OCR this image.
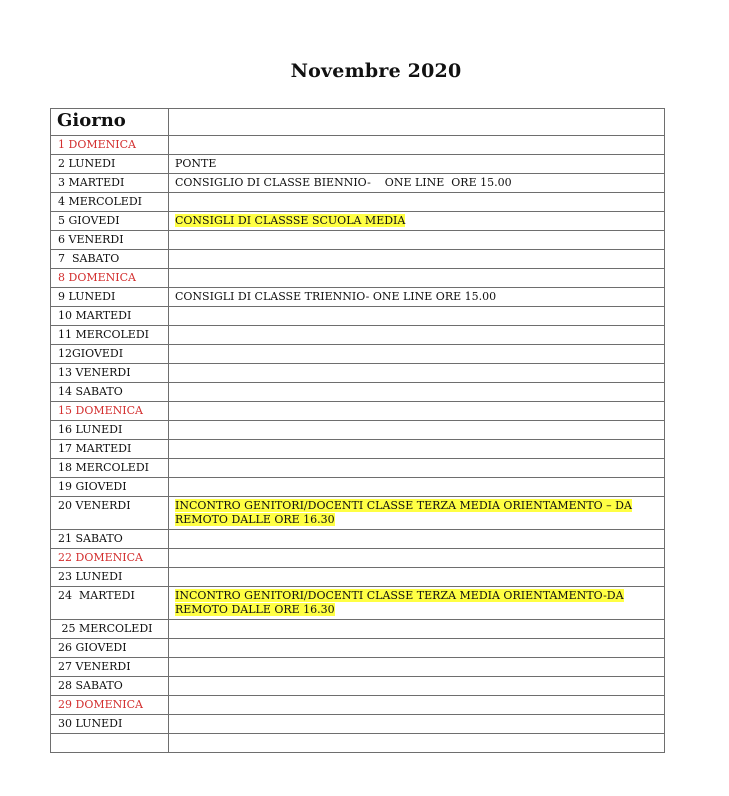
Novembre 2020
Giorno	
1 DOMENICA	
2 LUNEDI	PONTE
3 MARTEDI	CONSIGLIO DI CLASSE BIENNIO-    ONE LINE  ORE 15.00
4 MERCOLEDI	
5 GIOVEDI	CONSIGLI DI CLASSSE SCUOLA MEDIA
6 VENERDI	
7  SABATO	
8 DOMENICA	
9 LUNEDI	CONSIGLI DI CLASSE TRIENNIO- ONE LINE ORE 15.00
10 MARTEDI	
11 MERCOLEDI	
12GIOVEDI	
13 VENERDI	
14 SABATO	
15 DOMENICA	
16 LUNEDI	
17 MARTEDI	
18 MERCOLEDI	
19 GIOVEDI	
20 VENERDI	INCONTRO GENITORI/DOCENTI CLASSE TERZA MEDIA ORIENTAMENTO – DA REMOTO DALLE ORE 16.30
21 SABATO	
22 DOMENICA	
23 LUNEDI	
24  MARTEDI	INCONTRO GENITORI/DOCENTI CLASSE TERZA MEDIA ORIENTAMENTO-DA REMOTO DALLE ORE 16.30
25 MERCOLEDI	
26 GIOVEDI	
27 VENERDI	
28 SABATO	
29 DOMENICA	
30 LUNEDI	
